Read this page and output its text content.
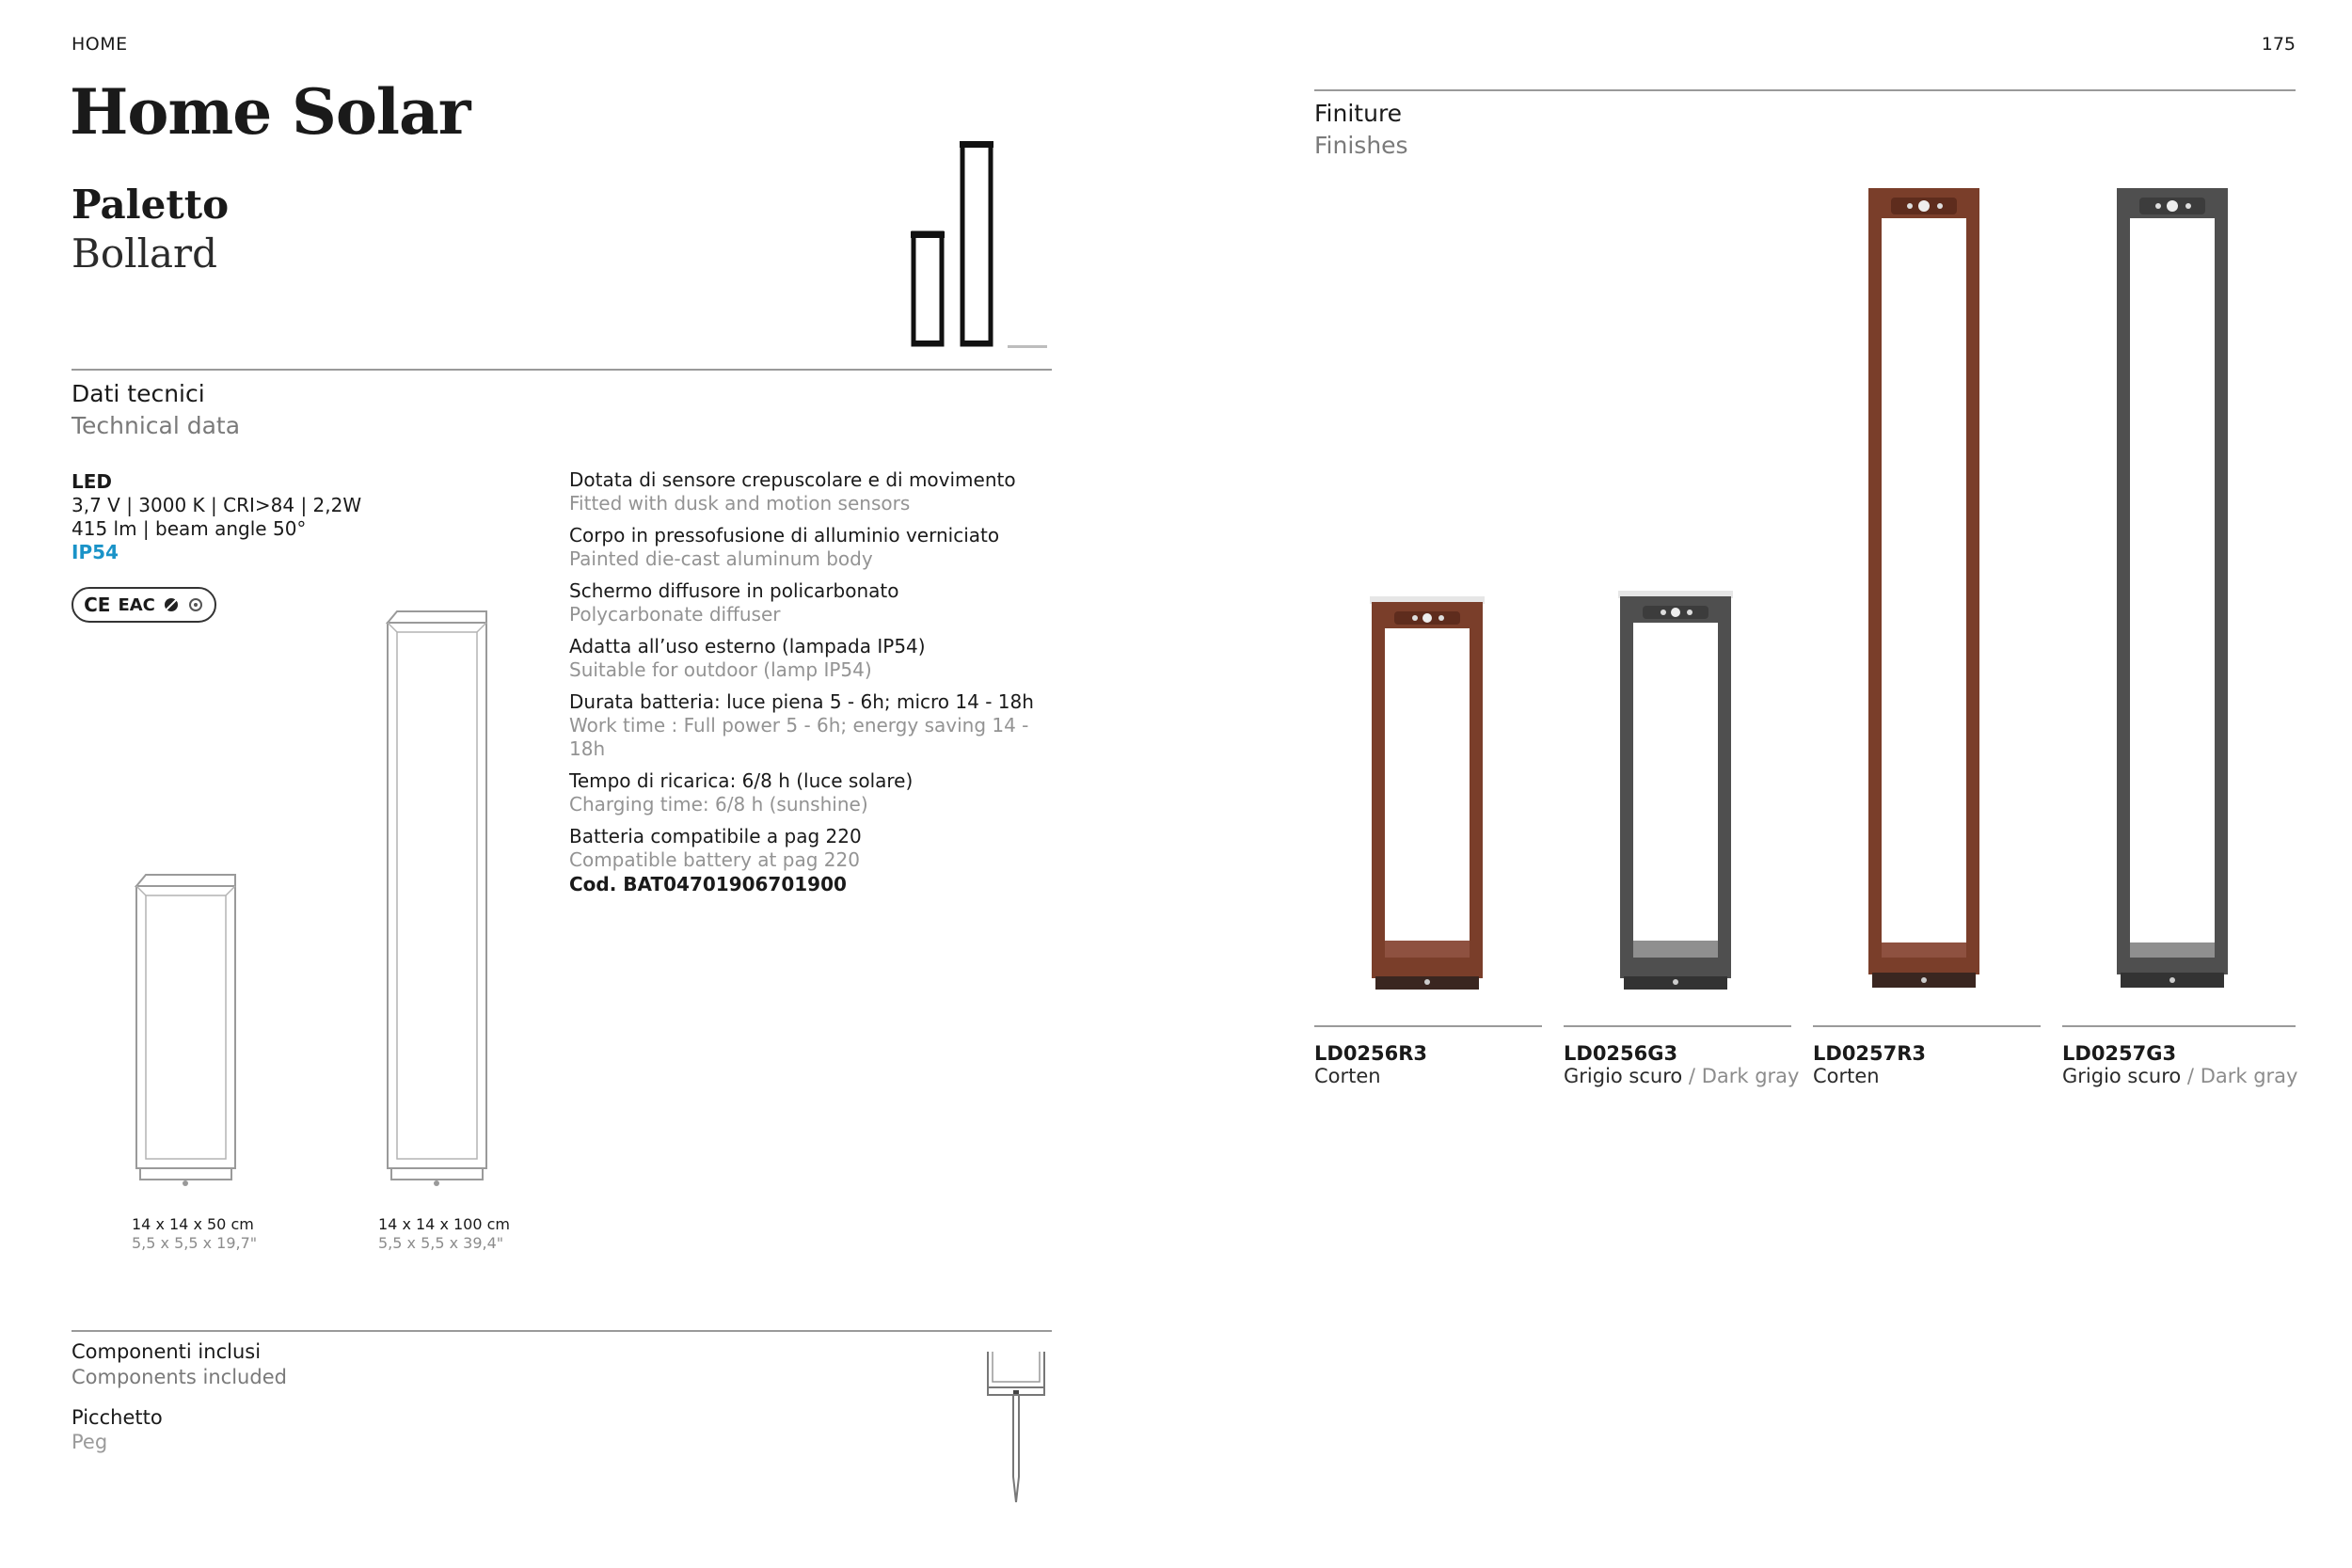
HOME	175
Home Solar
Paletto
Bollard
Dati tecnici
Technical data
LED
3,7 V | 3000 K | CRI>84 | 2,2W
415 lm | beam angle 50°
IP54
CE EAC
Dotata di sensore crepuscolare e di movimento
Fitted with dusk and motion sensors
Corpo in pressofusione di alluminio verniciato
Painted die-cast aluminum body
Schermo diffusore in policarbonato
Polycarbonate diffuser
Adatta all’uso esterno (lampada IP54)
Suitable for outdoor (lamp IP54)
Durata batteria: luce piena 5 - 6h; micro 14 - 18h
Work time : Full power 5 - 6h; energy saving 14 - 18h
Tempo di ricarica: 6/8 h (luce solare)
Charging time: 6/8 h (sunshine)
Batteria compatibile a pag 220
Compatible battery at pag 220
Cod. BAT04701906701900
14 x 14 x 50 cm
5,5 x 5,5 x 19,7"
14 x 14 x 100 cm
5,5 x 5,5 x 39,4"
Componenti inclusi
Components included
Picchetto
Peg
Finiture
Finishes
LD0256R3
Corten
LD0256G3
Grigio scuro / Dark gray
LD0257R3
Corten
LD0257G3
Grigio scuro / Dark gray
